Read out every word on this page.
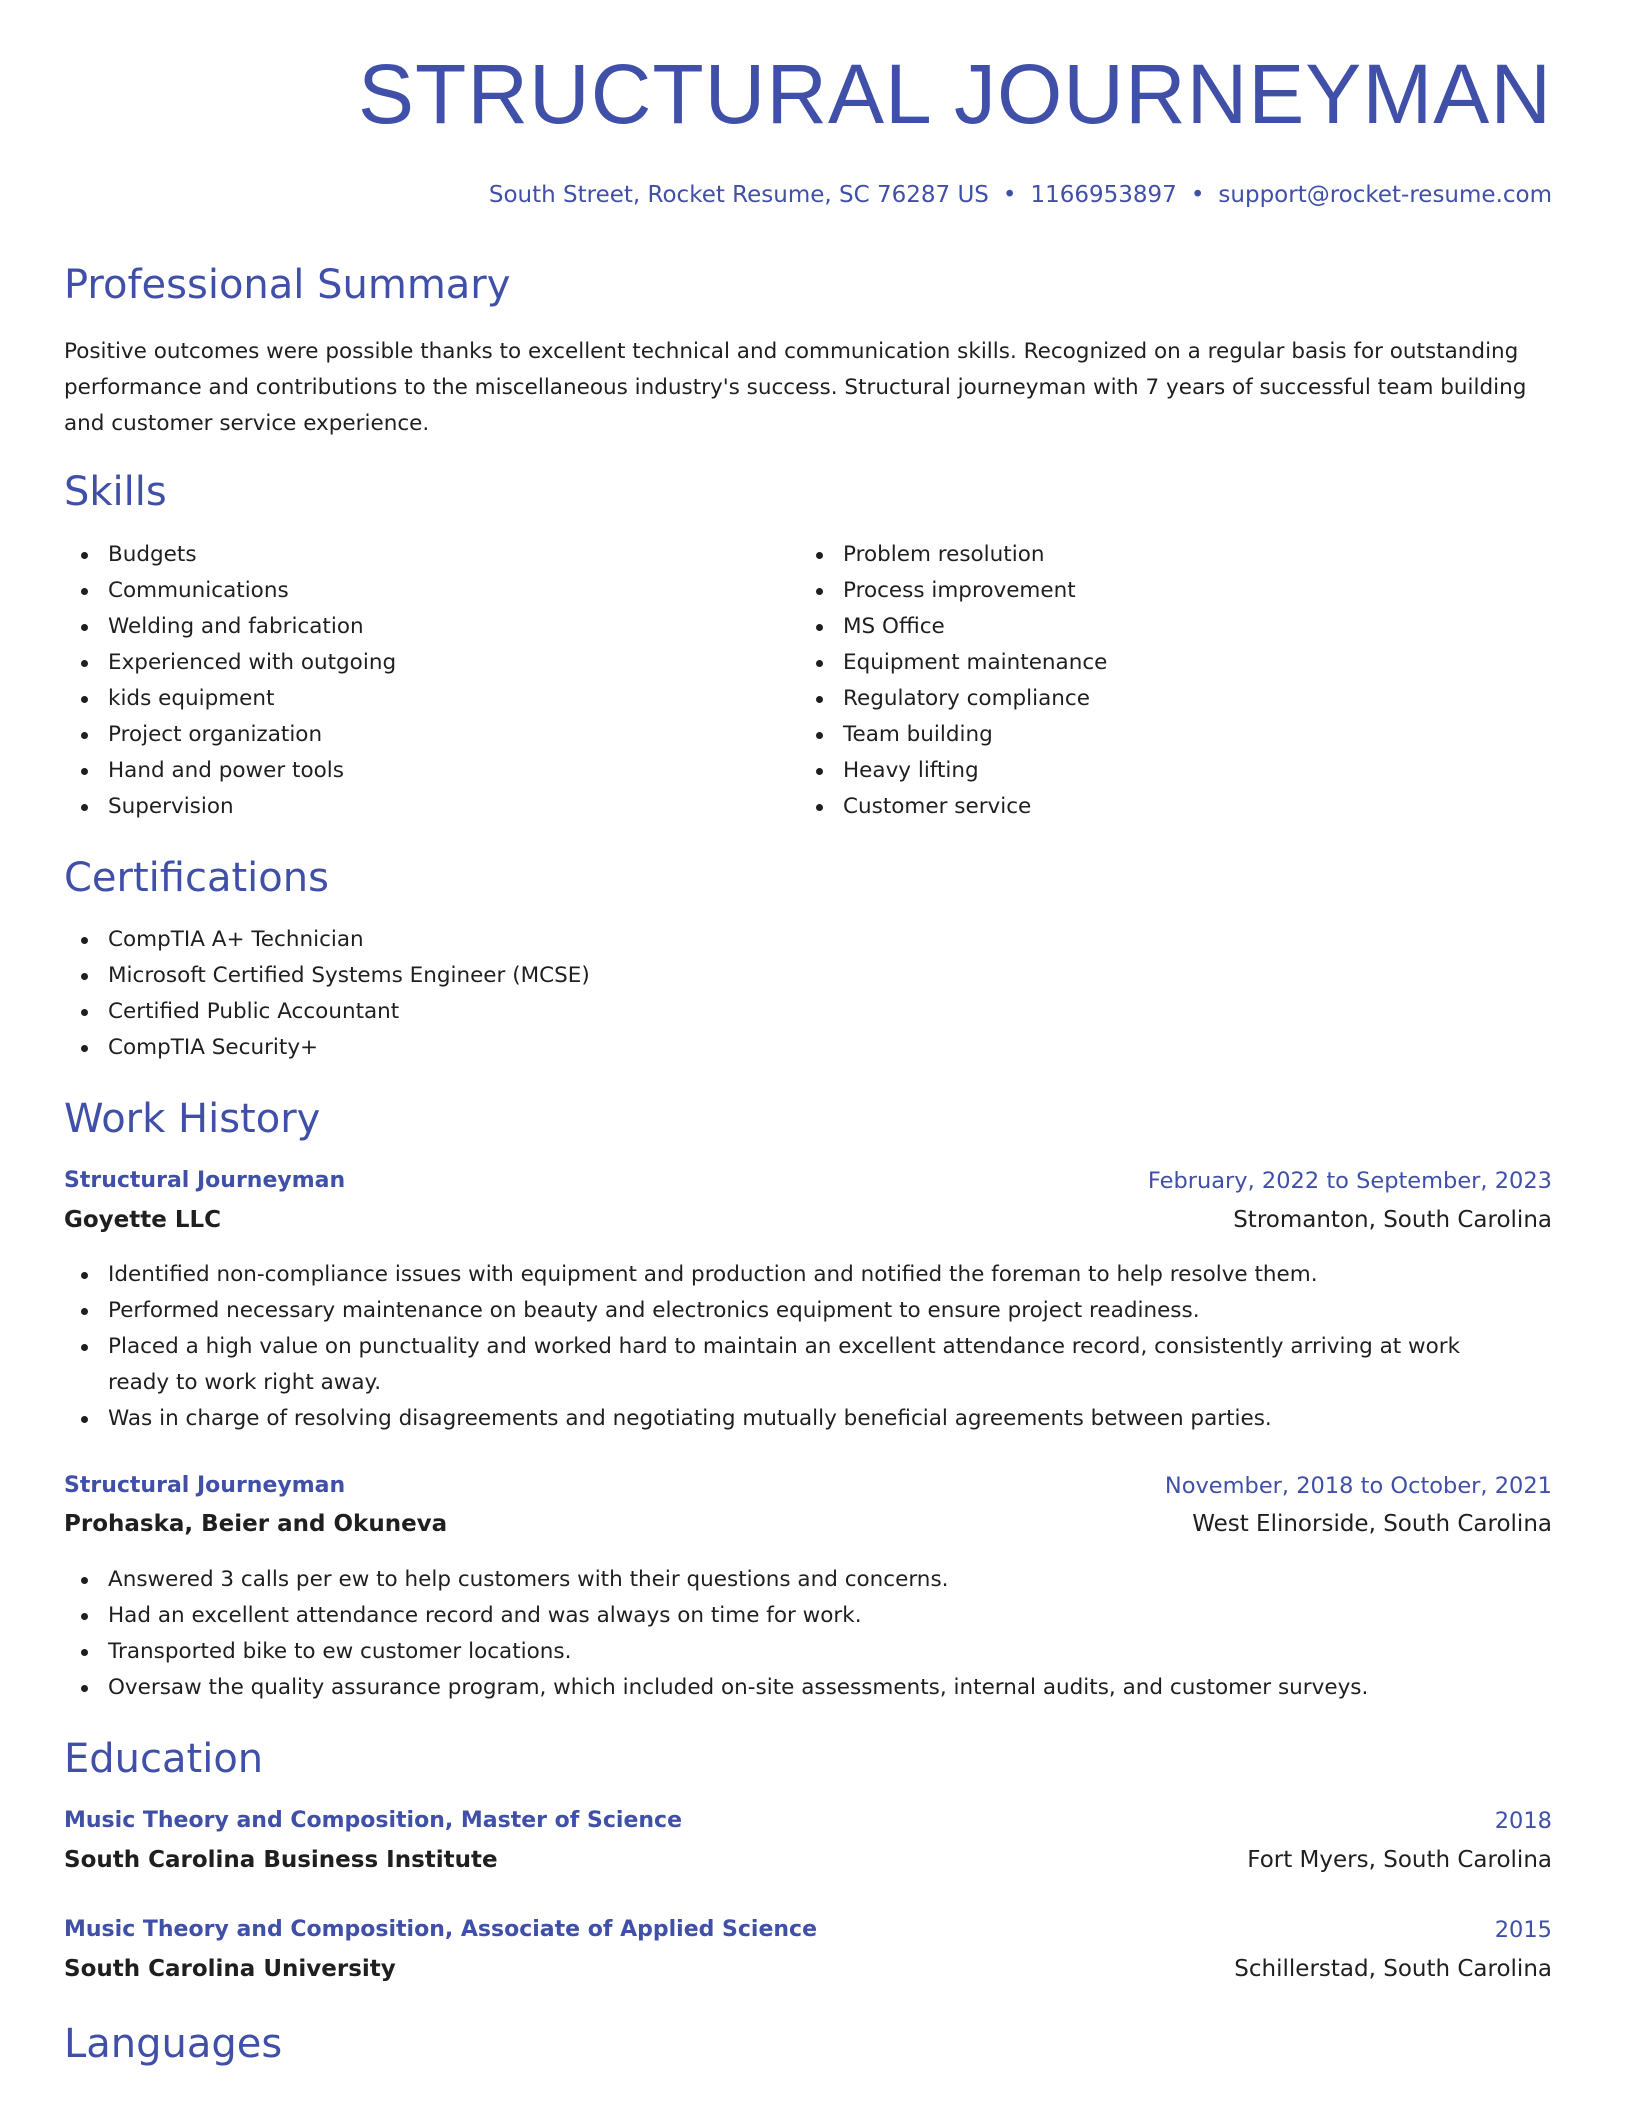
STRUCTURAL JOURNEYMAN
South Street, Rocket Resume, SC 76287 US • 1166953897 • support@rocket-resume.com
Professional Summary

Positive outcomes were possible thanks to excellent technical and communication skills. Recognized on a regular basis for outstanding performance and contributions to the miscellaneous industry's success. Structural journeyman with 7 years of successful team building and customer service experience.

Skills
Budgets
Communications
Welding and fabrication
Experienced with outgoing
kids equipment
Project organization
Hand and power tools
Supervision
Problem resolution
Process improvement
MS Office
Equipment maintenance
Regulatory compliance
Team building
Heavy lifting
Customer service
Certifications
CompTIA A+ Technician
Microsoft Certified Systems Engineer (MCSE)
Certified Public Accountant
CompTIA Security+
Work History
Structural Journeyman	February, 2022 to September, 2023
Goyette LLC	Stromanton, South Carolina
Identified non-compliance issues with equipment and production and notified the foreman to help resolve them.
Performed necessary maintenance on beauty and electronics equipment to ensure project readiness.
Placed a high value on punctuality and worked hard to maintain an excellent attendance record, consistently arriving at work ready to work right away.
Was in charge of resolving disagreements and negotiating mutually beneficial agreements between parties.
Structural Journeyman	November, 2018 to October, 2021
Prohaska, Beier and Okuneva	West Elinorside, South Carolina
Answered 3 calls per ew to help customers with their questions and concerns.
Had an excellent attendance record and was always on time for work.
Transported bike to ew customer locations.
Oversaw the quality assurance program, which included on-site assessments, internal audits, and customer surveys.
Education
Music Theory and Composition, Master of Science	2018
South Carolina Business Institute	Fort Myers, South Carolina
Music Theory and Composition, Associate of Applied Science	2015
South Carolina University	Schillerstad, South Carolina
Languages
